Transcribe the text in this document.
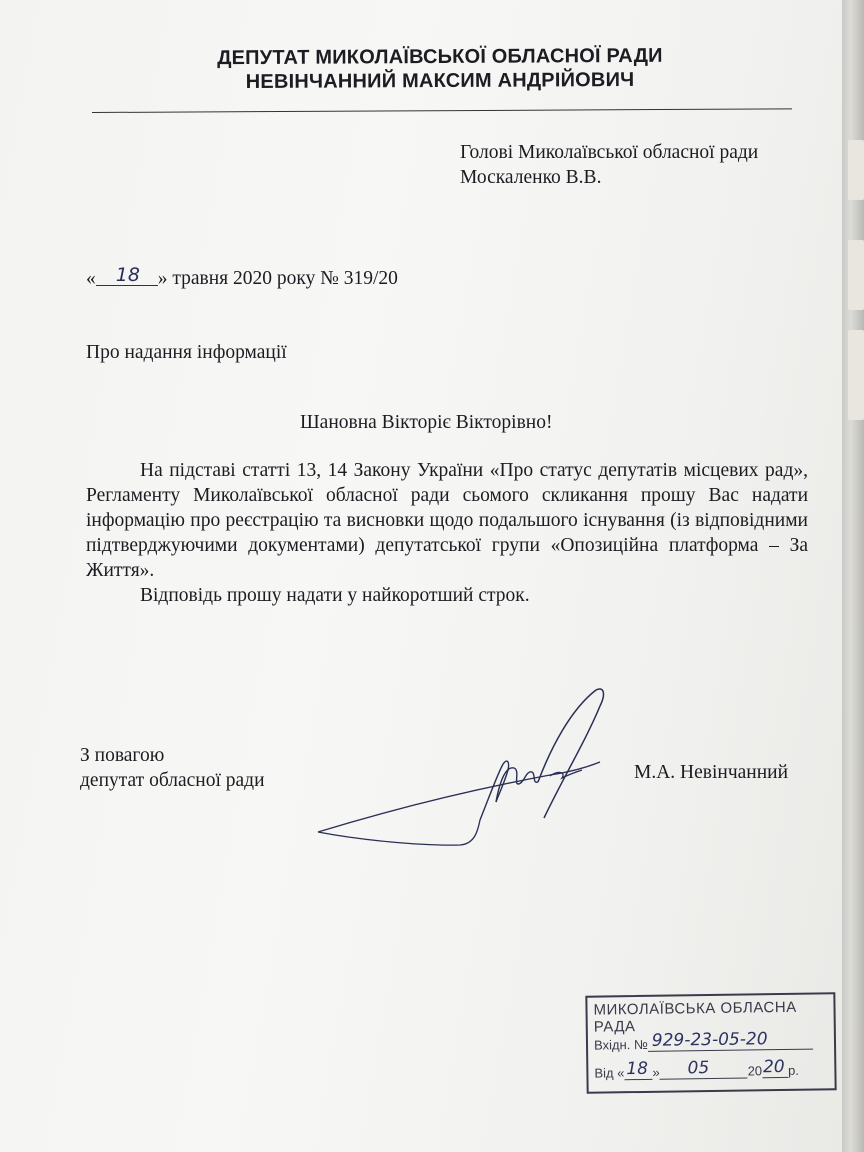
ДЕПУТАТ МИКОЛАЇВСЬКОЇ ОБЛАСНОЇ РАДИ
НЕВІНЧАННИЙ МАКСИМ АНДРІЙОВИЧ
Голові Миколаївської обласної ради
Москаленко В.В.
« 18 » травня 2020 року № 319/20
Про надання інформації
Шановна Вікторіє Вікторівно!

На підставі статті 13, 14 Закону України «Про статус депутатів місцевих рад», Регламенту Миколаївської обласної ради сьомого скликання прошу Вас надати інформацію про реєстрацію та висновки щодо подальшого існування (із відповідними підтверджуючими документами) депутатської групи «Опозиційна платформа – За Життя».

Відповідь прошу надати у найкоротший строк.

З повагою
депутат обласної ради	М.А. Невінчанний
МИКОЛАЇВСЬКА ОБЛАСНА РАДА
Вхідн. № 929-23-05-20
Від « 18 » 05	20 20 р.
